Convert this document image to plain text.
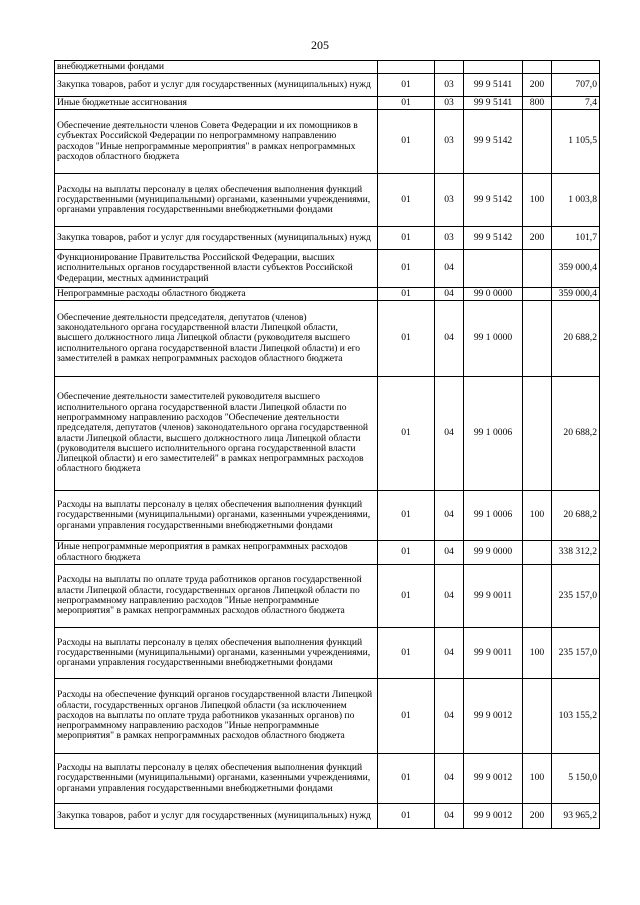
205
внебюджетными фондами					
Закупка товаров, работ и услуг для государственных (муниципальных) нужд	01	03	99 9 5141	200	707,0
Иные бюджетные ассигнования	01	03	99 9 5141	800	7,4
Обеспечение деятельности членов Совета Федерации и их помощников в субъектах Российской Федерации по непрограммному направлению расходов "Иные непрограммные мероприятия" в рамках непрограммных расходов областного бюджета	01	03	99 9 5142		1 105,5
Расходы на выплаты персоналу в целях обеспечения выполнения функций государственными (муниципальными) органами, казенными учреждениями, органами управления государственными внебюджетными фондами	01	03	99 9 5142	100	1 003,8
Закупка товаров, работ и услуг для государственных (муниципальных) нужд	01	03	99 9 5142	200	101,7
Функционирование Правительства Российской Федерации, высших исполнительных органов государственной власти субъектов Российской Федерации, местных администраций	01	04			359 000,4
Непрограммные расходы областного бюджета	01	04	99 0 0000		359 000,4
Обеспечение деятельности председателя, депутатов (членов) законодательного органа государственной власти Липецкой области, высшего должностного лица Липецкой области (руководителя высшего исполнительного органа государственной власти Липецкой области) и его заместителей в рамках непрограммных расходов областного бюджета	01	04	99 1 0000		20 688,2
Обеспечение деятельности заместителей руководителя высшего исполнительного органа государственной власти Липецкой области по непрограммному направлению расходов "Обеспечение деятельности председателя, депутатов (членов) законодательного органа государственной власти Липецкой области, высшего должностного лица Липецкой области (руководителя высшего исполнительного органа государственной власти Липецкой области) и его заместителей" в рамках непрограммных расходов областного бюджета	01	04	99 1 0006		20 688,2
Расходы на выплаты персоналу в целях обеспечения выполнения функций государственными (муниципальными) органами, казенными учреждениями, органами управления государственными внебюджетными фондами	01	04	99 1 0006	100	20 688,2
Иные непрограммные мероприятия в рамках непрограммных расходов областного бюджета	01	04	99 9 0000		338 312,2
Расходы на выплаты по оплате труда работников органов государственной власти Липецкой области, государственных органов Липецкой области по непрограммному направлению расходов "Иные непрограммные мероприятия" в рамках непрограммных расходов областного бюджета	01	04	99 9 0011		235 157,0
Расходы на выплаты персоналу в целях обеспечения выполнения функций государственными (муниципальными) органами, казенными учреждениями, органами управления государственными внебюджетными фондами	01	04	99 9 0011	100	235 157,0
Расходы на обеспечение функций органов государственной власти Липецкой области, государственных органов Липецкой области (за исключением расходов на выплаты по оплате труда работников указанных органов) по непрограммному направлению расходов "Иные непрограммные мероприятия" в рамках непрограммных расходов областного бюджета	01	04	99 9 0012		103 155,2
Расходы на выплаты персоналу в целях обеспечения выполнения функций государственными (муниципальными) органами, казенными учреждениями, органами управления государственными внебюджетными фондами	01	04	99 9 0012	100	5 150,0
Закупка товаров, работ и услуг для государственных (муниципальных) нужд	01	04	99 9 0012	200	93 965,2
